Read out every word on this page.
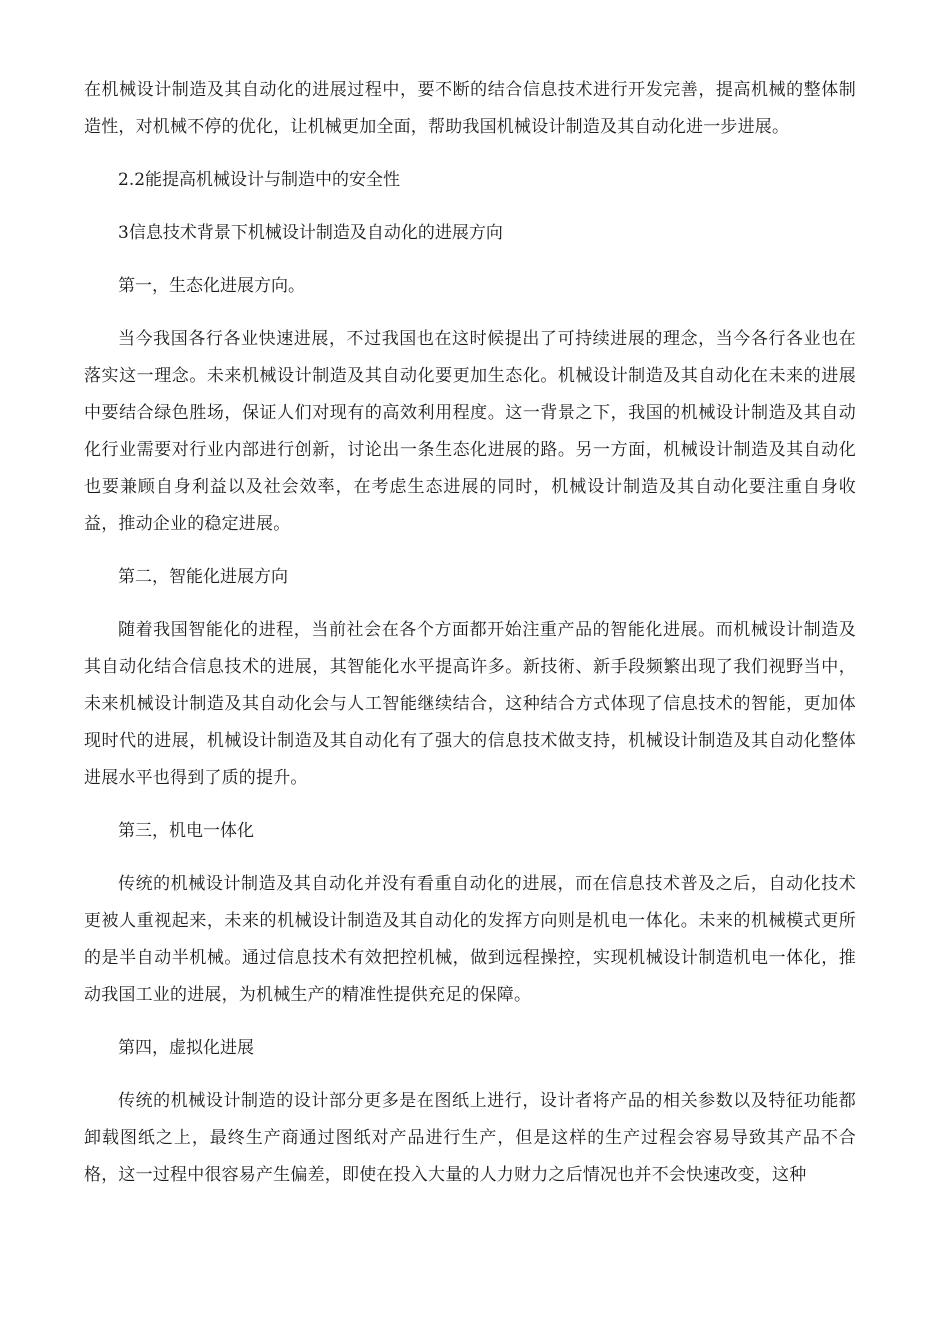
在机械设计制造及其自动化的进展过程中，要不断的结合信息技术进行开发完善，提高机械的整体制造性，对机械不停的优化，让机械更加全面，帮助我国机械设计制造及其自动化进一步进展。

2.2能提高机械设计与制造中的安全性

3信息技术背景下机械设计制造及自动化的进展方向

第一，生态化进展方向。

当今我国各行各业快速进展，不过我国也在这时候提出了可持续进展的理念，当今各行各业也在落实这一理念。未来机械设计制造及其自动化要更加生态化。机械设计制造及其自动化在未来的进展中要结合绿色胜场，保证人们对现有的高效利用程度。这一背景之下，我国的机械设计制造及其自动化行业需要对行业内部进行创新，讨论出一条生态化进展的路。另一方面，机械设计制造及其自动化也要兼顾自身利益以及社会效率，在考虑生态进展的同时，机械设计制造及其自动化要注重自身收益，推动企业的稳定进展。

第二，智能化进展方向

随着我国智能化的进程，当前社会在各个方面都开始注重产品的智能化进展。而机械设计制造及其自动化结合信息技术的进展，其智能化水平提高许多。新技術、新手段频繁出现了我们视野当中，未来机械设计制造及其自动化会与人工智能继续结合，这种结合方式体现了信息技术的智能，更加体现时代的进展，机械设计制造及其自动化有了强大的信息技术做支持，机械设计制造及其自动化整体进展水平也得到了质的提升。

第三，机电一体化

传统的机械设计制造及其自动化并没有看重自动化的进展，而在信息技术普及之后，自动化技术更被人重视起来，未来的机械设计制造及其自动化的发挥方向则是机电一体化。未来的机械模式更所的是半自动半机械。通过信息技术有效把控机械，做到远程操控，实现机械设计制造机电一体化，推动我国工业的进展，为机械生产的精准性提供充足的保障。

第四，虚拟化进展

传统的机械设计制造的设计部分更多是在图纸上进行，设计者将产品的相关参数以及特征功能都卸载图纸之上，最终生产商通过图纸对产品进行生产，但是这样的生产过程会容易导致其产品不合格，这一过程中很容易产生偏差，即使在投入大量的人力财力之后情况也并不会快速改变，这种
